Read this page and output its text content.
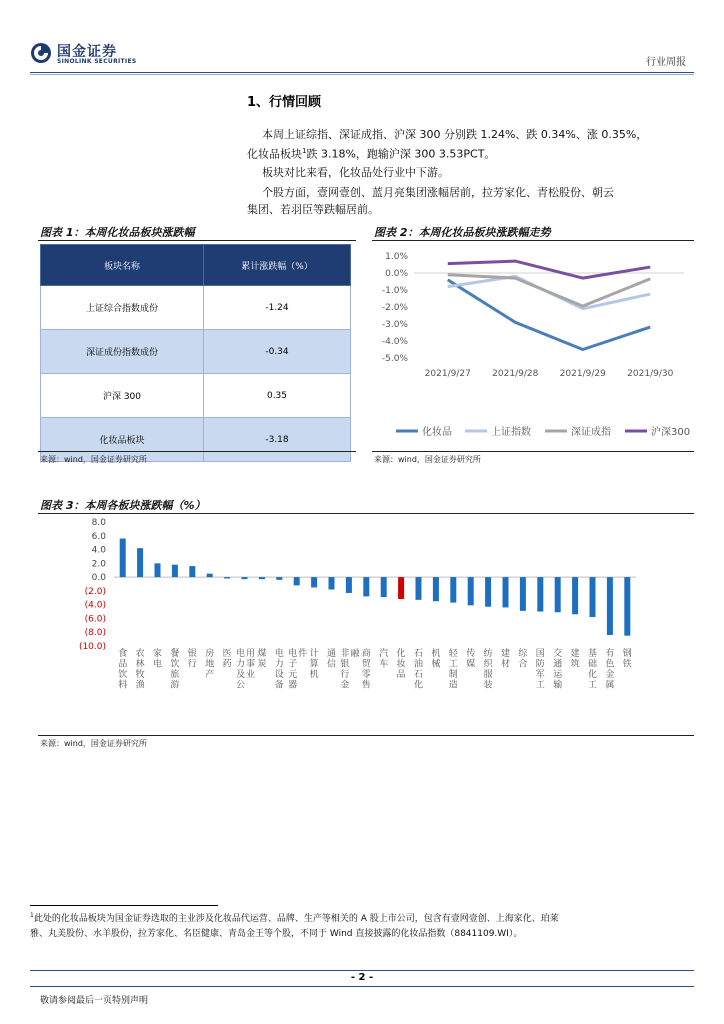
国金证券
SINOLINK SECURITIES	行业周报
1、行情回顾
本周上证综指、深证成指、沪深 300 分别跌 1.24%、跌 0.34%、涨 0.35%，
化妆品板块$^1$跌 3.18%，跑输沪深 300 3.53PCT。
板块对比来看，化妆品处行业中下游。
个股方面，壹网壹创、蓝月亮集团涨幅居前，拉芳家化、青松股份、朝云
集团、若羽臣等跌幅居前。
图表 1：本周化妆品板块涨跌幅
板块名称	累计涨跌幅（%）
上证综合指数成份	-1.24
深证成份指数成份	-0.34
沪深 300	0.35
化妆品板块	-3.18
来源：wind，国金证券研究所
图表 2：本周化妆品板块涨跌幅走势
1.0%
0.0%
-1.0%
-2.0%
-3.0%
-4.0%
-5.0%
2021/9/27 2021/9/28 2021/9/29 2021/9/30
化妆品	上证指数	深证成指	沪深300
来源：wind，国金证券研究所
图表 3：本周各板块涨跌幅（%）
8.0
6.0
4.0
2.0
0.0
(2.0)
(4.0)
(6.0)
(8.0)
(10.0)
食品饮料
农林牧渔
家电
餐饮旅游
银行
房地产
医药
电力及公用事业
煤炭
电力设备
电子元器件 计算机
通信
非银行金融 商贸零售
汽车
化妆品
石油石化
机械
轻工制造
传媒
纺织服装
建材
综合
国防军工
交通运输
建筑
基础化工
有色金属
钢铁
来源：wind，国金证券研究所
$^1$此处的化妆品板块为国金证券选取的主业涉及化妆品代运营、品牌、生产等相关的 A 股上市公司，包含有壹网壹创、上海家化、珀莱
雅、丸美股份、水羊股份，拉芳家化、名臣健康、青岛金王等个股，不同于 Wind 直接披露的化妆品指数（8841109.WI）。
- 2 -
敬请参阅最后一页特别声明
